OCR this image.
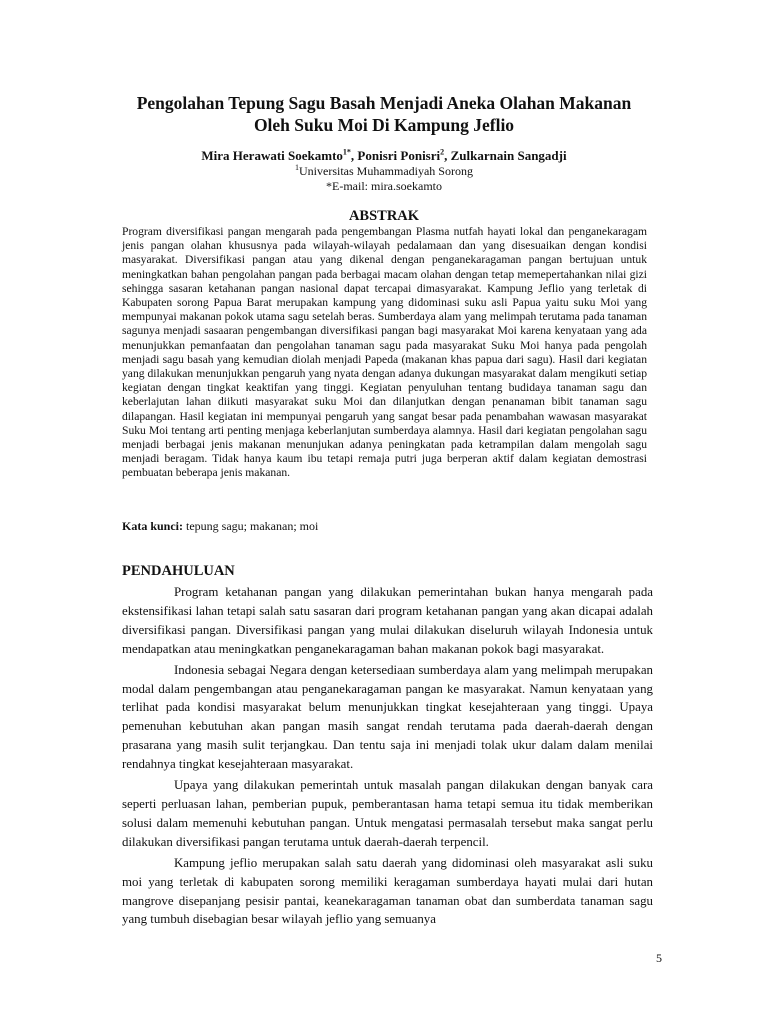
Pengolahan Tepung Sagu Basah Menjadi Aneka Olahan Makanan
Oleh Suku Moi Di Kampung Jeflio
Mira Herawati Soekamto$^{1*}$, Ponisri Ponisri$^2$, Zulkarnain Sangadji
$^1$Universitas Muhammadiyah Sorong
*E-mail: mira.soekamto
ABSTRAK

Program diversifikasi pangan mengarah pada pengembangan Plasma nutfah hayati lokal dan penganekaragam jenis pangan olahan khususnya pada wilayah-wilayah pedalamaan dan yang disesuaikan dengan kondisi masyarakat. Diversifikasi pangan atau yang dikenal dengan penganekaragaman pangan bertujuan untuk meningkatkan bahan pengolahan pangan pada berbagai macam olahan dengan tetap memepertahankan nilai gizi sehingga sasaran ketahanan pangan nasional dapat tercapai dimasyarakat. Kampung Jeflio yang terletak di Kabupaten sorong Papua Barat merupakan kampung yang didominasi suku asli Papua yaitu suku Moi yang mempunyai makanan pokok utama sagu setelah beras. Sumberdaya alam yang melimpah terutama pada tanaman sagunya menjadi sasaaran pengembangan diversifikasi pangan bagi masyarakat Moi karena kenyataan yang ada menunjukkan pemanfaatan dan pengolahan tanaman sagu pada masyarakat Suku Moi hanya pada pengolah menjadi sagu basah yang kemudian diolah menjadi Papeda (makanan khas papua dari sagu). Hasil dari kegiatan yang dilakukan menunjukkan pengaruh yang nyata dengan adanya dukungan masyarakat dalam mengikuti setiap kegiatan dengan tingkat keaktifan yang tinggi. Kegiatan penyuluhan tentang budidaya tanaman sagu dan keberlajutan lahan diikuti masyarakat suku Moi dan dilanjutkan dengan penanaman bibit tanaman sagu dilapangan. Hasil kegiatan ini mempunyai pengaruh yang sangat besar pada penambahan wawasan masyarakat Suku Moi tentang arti penting menjaga keberlanjutan sumberdaya alamnya. Hasil dari kegiatan pengolahan sagu menjadi berbagai jenis makanan menunjukan adanya peningkatan pada ketrampilan dalam mengolah sagu menjadi beragam. Tidak hanya kaum ibu tetapi remaja putri juga berperan aktif dalam kegiatan demostrasi pembuatan beberapa jenis makanan.

Kata kunci: tepung sagu; makanan; moi
PENDAHULUAN

Program ketahanan pangan yang dilakukan pemerintahan bukan hanya mengarah pada ekstensifikasi lahan tetapi salah satu sasaran dari program ketahanan pangan yang akan dicapai adalah diversifikasi pangan. Diversifikasi pangan yang mulai dilakukan diseluruh wilayah Indonesia untuk mendapatkan atau meningkatkan penganekaragaman bahan makanan pokok bagi masyarakat.

Indonesia sebagai Negara dengan ketersediaan sumberdaya alam yang melimpah merupakan modal dalam pengembangan atau penganekaragaman pangan ke masyarakat. Namun kenyataan yang terlihat pada kondisi masyarakat belum menunjukkan tingkat kesejahteraan yang tinggi. Upaya pemenuhan kebutuhan akan pangan masih sangat rendah terutama pada daerah-daerah dengan prasarana yang masih sulit terjangkau. Dan tentu saja ini menjadi tolak ukur dalam dalam menilai rendahnya tingkat kesejahteraan masyarakat.

Upaya yang dilakukan pemerintah untuk masalah pangan dilakukan dengan banyak cara seperti perluasan lahan, pemberian pupuk, pemberantasan hama tetapi semua itu tidak memberikan solusi dalam memenuhi kebutuhan pangan. Untuk mengatasi permasalah tersebut maka sangat perlu dilakukan diversifikasi pangan terutama untuk daerah-daerah terpencil.

Kampung jeflio merupakan salah satu daerah yang didominasi oleh masyarakat asli suku moi yang terletak di kabupaten sorong memiliki keragaman sumberdaya hayati mulai dari hutan mangrove disepanjang pesisir pantai, keanekaragaman tanaman obat dan sumberdata tanaman sagu yang tumbuh disebagian besar wilayah jeflio yang semuanya

5
